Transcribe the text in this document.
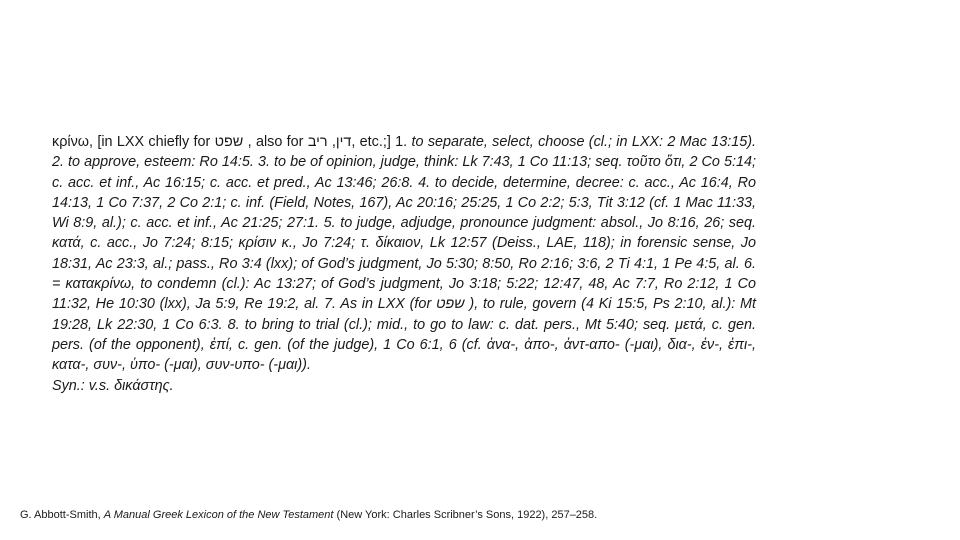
κρίνω, [in LXX chiefly for שפט , also for דין, ריב, etc.;] 1. to separate, select, choose (cl.; in LXX: 2 Mac 13:15). 2. to approve, esteem: Ro 14:5. 3. to be of opinion, judge, think: Lk 7:43, 1 Co 11:13; seq. τοῦτο ὅτι, 2 Co 5:14; c. acc. et inf., Ac 16:15; c. acc. et pred., Ac 13:46; 26:8. 4. to decide, determine, decree: c. acc., Ac 16:4, Ro 14:13, 1 Co 7:37, 2 Co 2:1; c. inf. (Field, Notes, 167), Ac 20:16; 25:25, 1 Co 2:2; 5:3, Tit 3:12 (cf. 1 Mac 11:33, Wi 8:9, al.); c. acc. et inf., Ac 21:25; 27:1. 5. to judge, adjudge, pronounce judgment: absol., Jo 8:16, 26; seq. κατά, c. acc., Jo 7:24; 8:15; κρίσιν κ., Jo 7:24; τ. δίκαιον, Lk 12:57 (Deiss., LAE, 118); in forensic sense, Jo 18:31, Ac 23:3, al.; pass., Ro 3:4 (lxx); of God’s judgment, Jo 5:30; 8:50, Ro 2:16; 3:6, 2 Ti 4:1, 1 Pe 4:5, al. 6. = κατακρίνω, to condemn (cl.): Ac 13:27; of God’s judgment, Jo 3:18; 5:22; 12:47, 48, Ac 7:7, Ro 2:12, 1 Co 11:32, He 10:30 (lxx), Ja 5:9, Re 19:2, al. 7. As in LXX (for שפט ), to rule, govern (4 Ki 15:5, Ps 2:10, al.): Mt 19:28, Lk 22:30, 1 Co 6:3. 8. to bring to trial (cl.); mid., to go to law: c. dat. pers., Mt 5:40; seq. μετά, c. gen. pers. (of the opponent), ἐπί, c. gen. (of the judge), 1 Co 6:1, 6 (cf. ἀνα-, ἀπο-, ἀντ-απο- (-μαι), δια-, ἐν-, ἐπι-, κατα-, συν-, ὑπο- (-μαι), συν-υπο- (-μαι)).
Syn.: v.s. δικάστης.
G. Abbott-Smith, A Manual Greek Lexicon of the New Testament (New York: Charles Scribner’s Sons, 1922), 257–258.
